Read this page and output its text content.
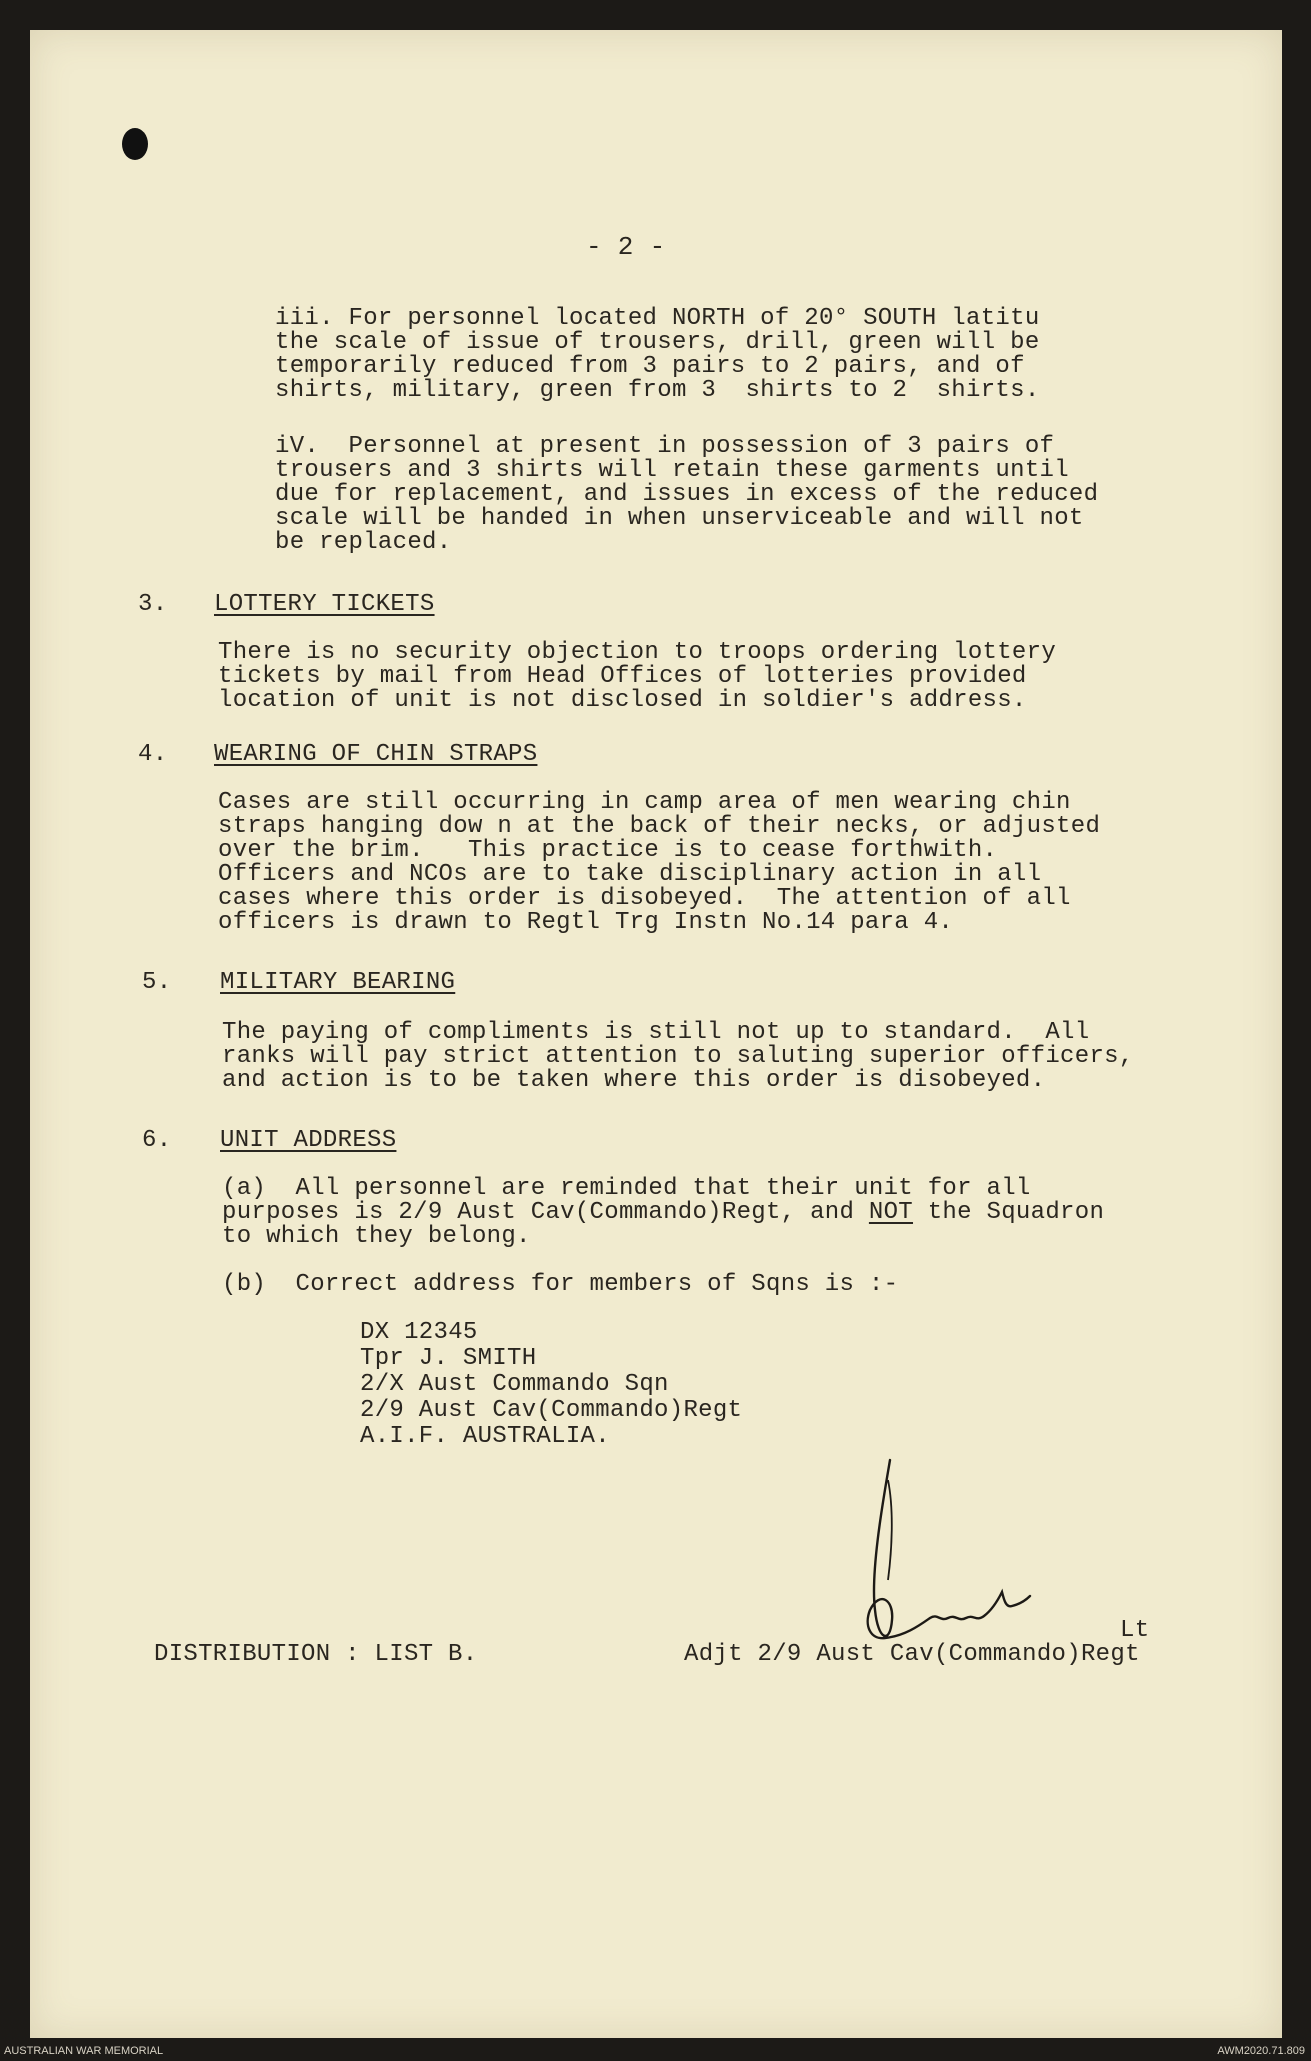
- 2 -
iii. For personnel located NORTH of 20° SOUTH latitu
the scale of issue of trousers, drill, green will be
temporarily reduced from 3 pairs to 2 pairs, and of
shirts, military, green from 3  shirts to 2  shirts.
iV.  Personnel at present in possession of 3 pairs of
trousers and 3 shirts will retain these garments until
due for replacement, and issues in excess of the reduced
scale will be handed in when unserviceable and will not
be replaced.
3. LOTTERY TICKETS
There is no security objection to troops ordering lottery
tickets by mail from Head Offices of lotteries provided
location of unit is not disclosed in soldier's address.
4. WEARING OF CHIN STRAPS
Cases are still occurring in camp area of men wearing chin
straps hanging dow n at the back of their necks, or adjusted
over the brim.   This practice is to cease forthwith.
Officers and NCOs are to take disciplinary action in all
cases where this order is disobeyed.  The attention of all
officers is drawn to Regtl Trg Instn No.14 para 4.
5. MILITARY BEARING
The paying of compliments is still not up to standard.  All
ranks will pay strict attention to saluting superior officers,
and action is to be taken where this order is disobeyed.
6. UNIT ADDRESS
(a)  All personnel are reminded that their unit for all
purposes is 2/9 Aust Cav(Commando)Regt, and NOT the Squadron
to which they belong.
(b)  Correct address for members of Sqns is :-
DX 12345
Tpr J. SMITH
2/X Aust Commando Sqn
2/9 Aust Cav(Commando)Regt
A.I.F. AUSTRALIA.
DISTRIBUTION : LIST B.
Lt
Adjt 2/9 Aust Cav(Commando)Regt
AUSTRALIAN WAR MEMORIAL	AWM2020.71.809
